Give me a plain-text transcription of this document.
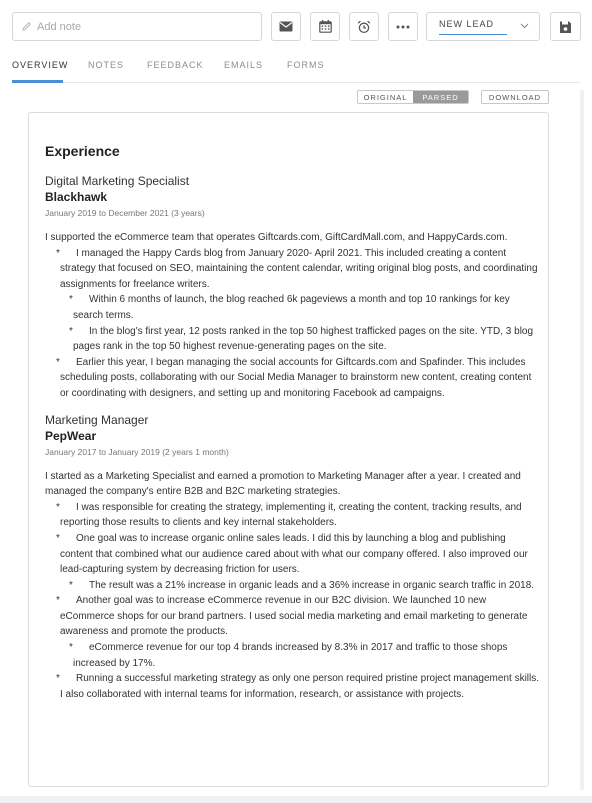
Add note	NEW LEAD
OVERVIEW NOTES	FEEDBACK EMAILS	FORMS
ORIGINAL	PARSED	DOWNLOAD
Experience
Digital Marketing Specialist
Blackhawk
January 2019 to December 2021 (3 years)
I supported the eCommerce team that operates Giftcards.com, GiftCardMall.com, and HappyCards.com.
*	I managed the Happy Cards blog from January 2020- April 2021. This included creating a content strategy that focused on SEO, maintaining the content calendar, writing original blog posts, and coordinating assignments for freelance writers.
*	Within 6 months of launch, the blog reached 6k pageviews a month and top 10 rankings for key search terms.
*	In the blog's first year, 12 posts ranked in the top 50 highest trafficked pages on the site. YTD, 3 blog pages rank in the top 50 highest revenue-generating pages on the site.
*	Earlier this year, I began managing the social accounts for Giftcards.com and Spafinder. This includes scheduling posts, collaborating with our Social Media Manager to brainstorm new content, creating content or coordinating with designers, and setting up and monitoring Facebook ad campaigns.
Marketing Manager
PepWear
January 2017 to January 2019 (2 years 1 month)
I started as a Marketing Specialist and earned a promotion to Marketing Manager after a year. I created and managed the company's entire B2B and B2C marketing strategies.
*	I was responsible for creating the strategy, implementing it, creating the content, tracking results, and reporting those results to clients and key internal stakeholders.
*	One goal was to increase organic online sales leads. I did this by launching a blog and publishing content that combined what our audience cared about with what our company offered. I also improved our lead-capturing system by decreasing friction for users.
*	The result was a 21% increase in organic leads and a 36% increase in organic search traffic in 2018.
*	Another goal was to increase eCommerce revenue in our B2C division. We launched 10 new eCommerce shops for our brand partners. I used social media marketing and email marketing to generate awareness and promote the products.
*	eCommerce revenue for our top 4 brands increased by 8.3% in 2017 and traffic to those shops increased by 17%.
*	Running a successful marketing strategy as only one person required pristine project management skills. I also collaborated with internal teams for information, research, or assistance with projects.
